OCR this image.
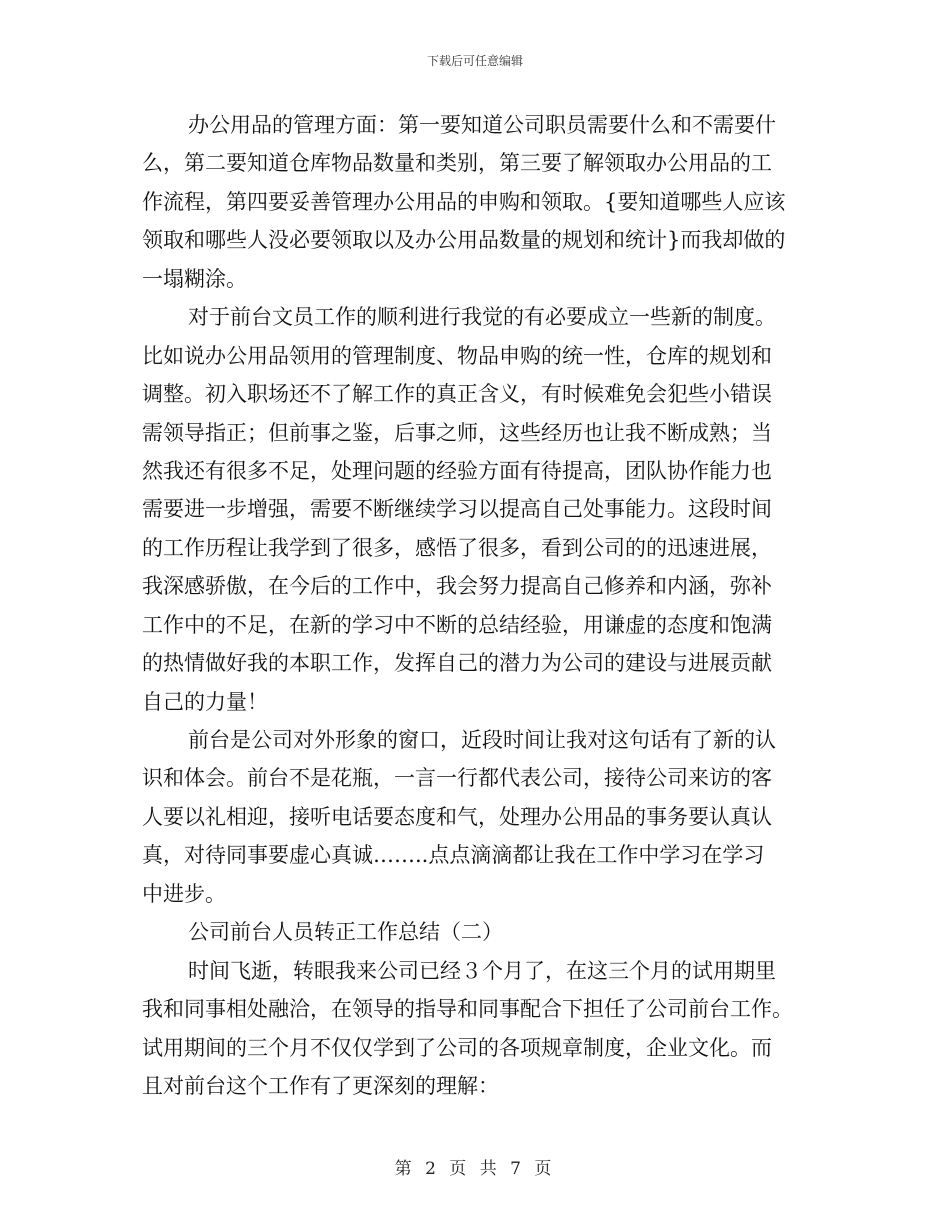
下载后可任意编辑
办公用品的管理方面：第一要知道公司职员需要什么和不需要什
么，第二要知道仓库物品数量和类别，第三要了解领取办公用品的工
作流程，第四要妥善管理办公用品的申购和领取。{要知道哪些人应该
领取和哪些人没必要领取以及办公用品数量的规划和统计}而我却做的
一塌糊涂。
对于前台文员工作的顺利进行我觉的有必要成立一些新的制度。
比如说办公用品领用的管理制度、物品申购的统一性，仓库的规划和
调整。初入职场还不了解工作的真正含义，有时候难免会犯些小错误
需领导指正；但前事之鉴，后事之师，这些经历也让我不断成熟；当
然我还有很多不足，处理问题的经验方面有待提高，团队协作能力也
需要进一步增强，需要不断继续学习以提高自己处事能力。这段时间
的工作历程让我学到了很多，感悟了很多，看到公司的的迅速进展，
我深感骄傲，在今后的工作中，我会努力提高自己修养和内涵，弥补
工作中的不足，在新的学习中不断的总结经验，用谦虚的态度和饱满
的热情做好我的本职工作，发挥自己的潜力为公司的建设与进展贡献
自己的力量！
前台是公司对外形象的窗口，近段时间让我对这句话有了新的认
识和体会。前台不是花瓶，一言一行都代表公司，接待公司来访的客
人要以礼相迎，接听电话要态度和气，处理办公用品的事务要认真认
真，对待同事要虚心真诚……..点点滴滴都让我在工作中学习在学习
中进步。
公司前台人员转正工作总结（二）
时间飞逝，转眼我来公司已经３个月了，在这三个月的试用期里
我和同事相处融洽，在领导的指导和同事配合下担任了公司前台工作。
试用期间的三个月不仅仅学到了公司的各项规章制度，企业文化。而
且对前台这个工作有了更深刻的理解：
第 2 页 共 7 页
